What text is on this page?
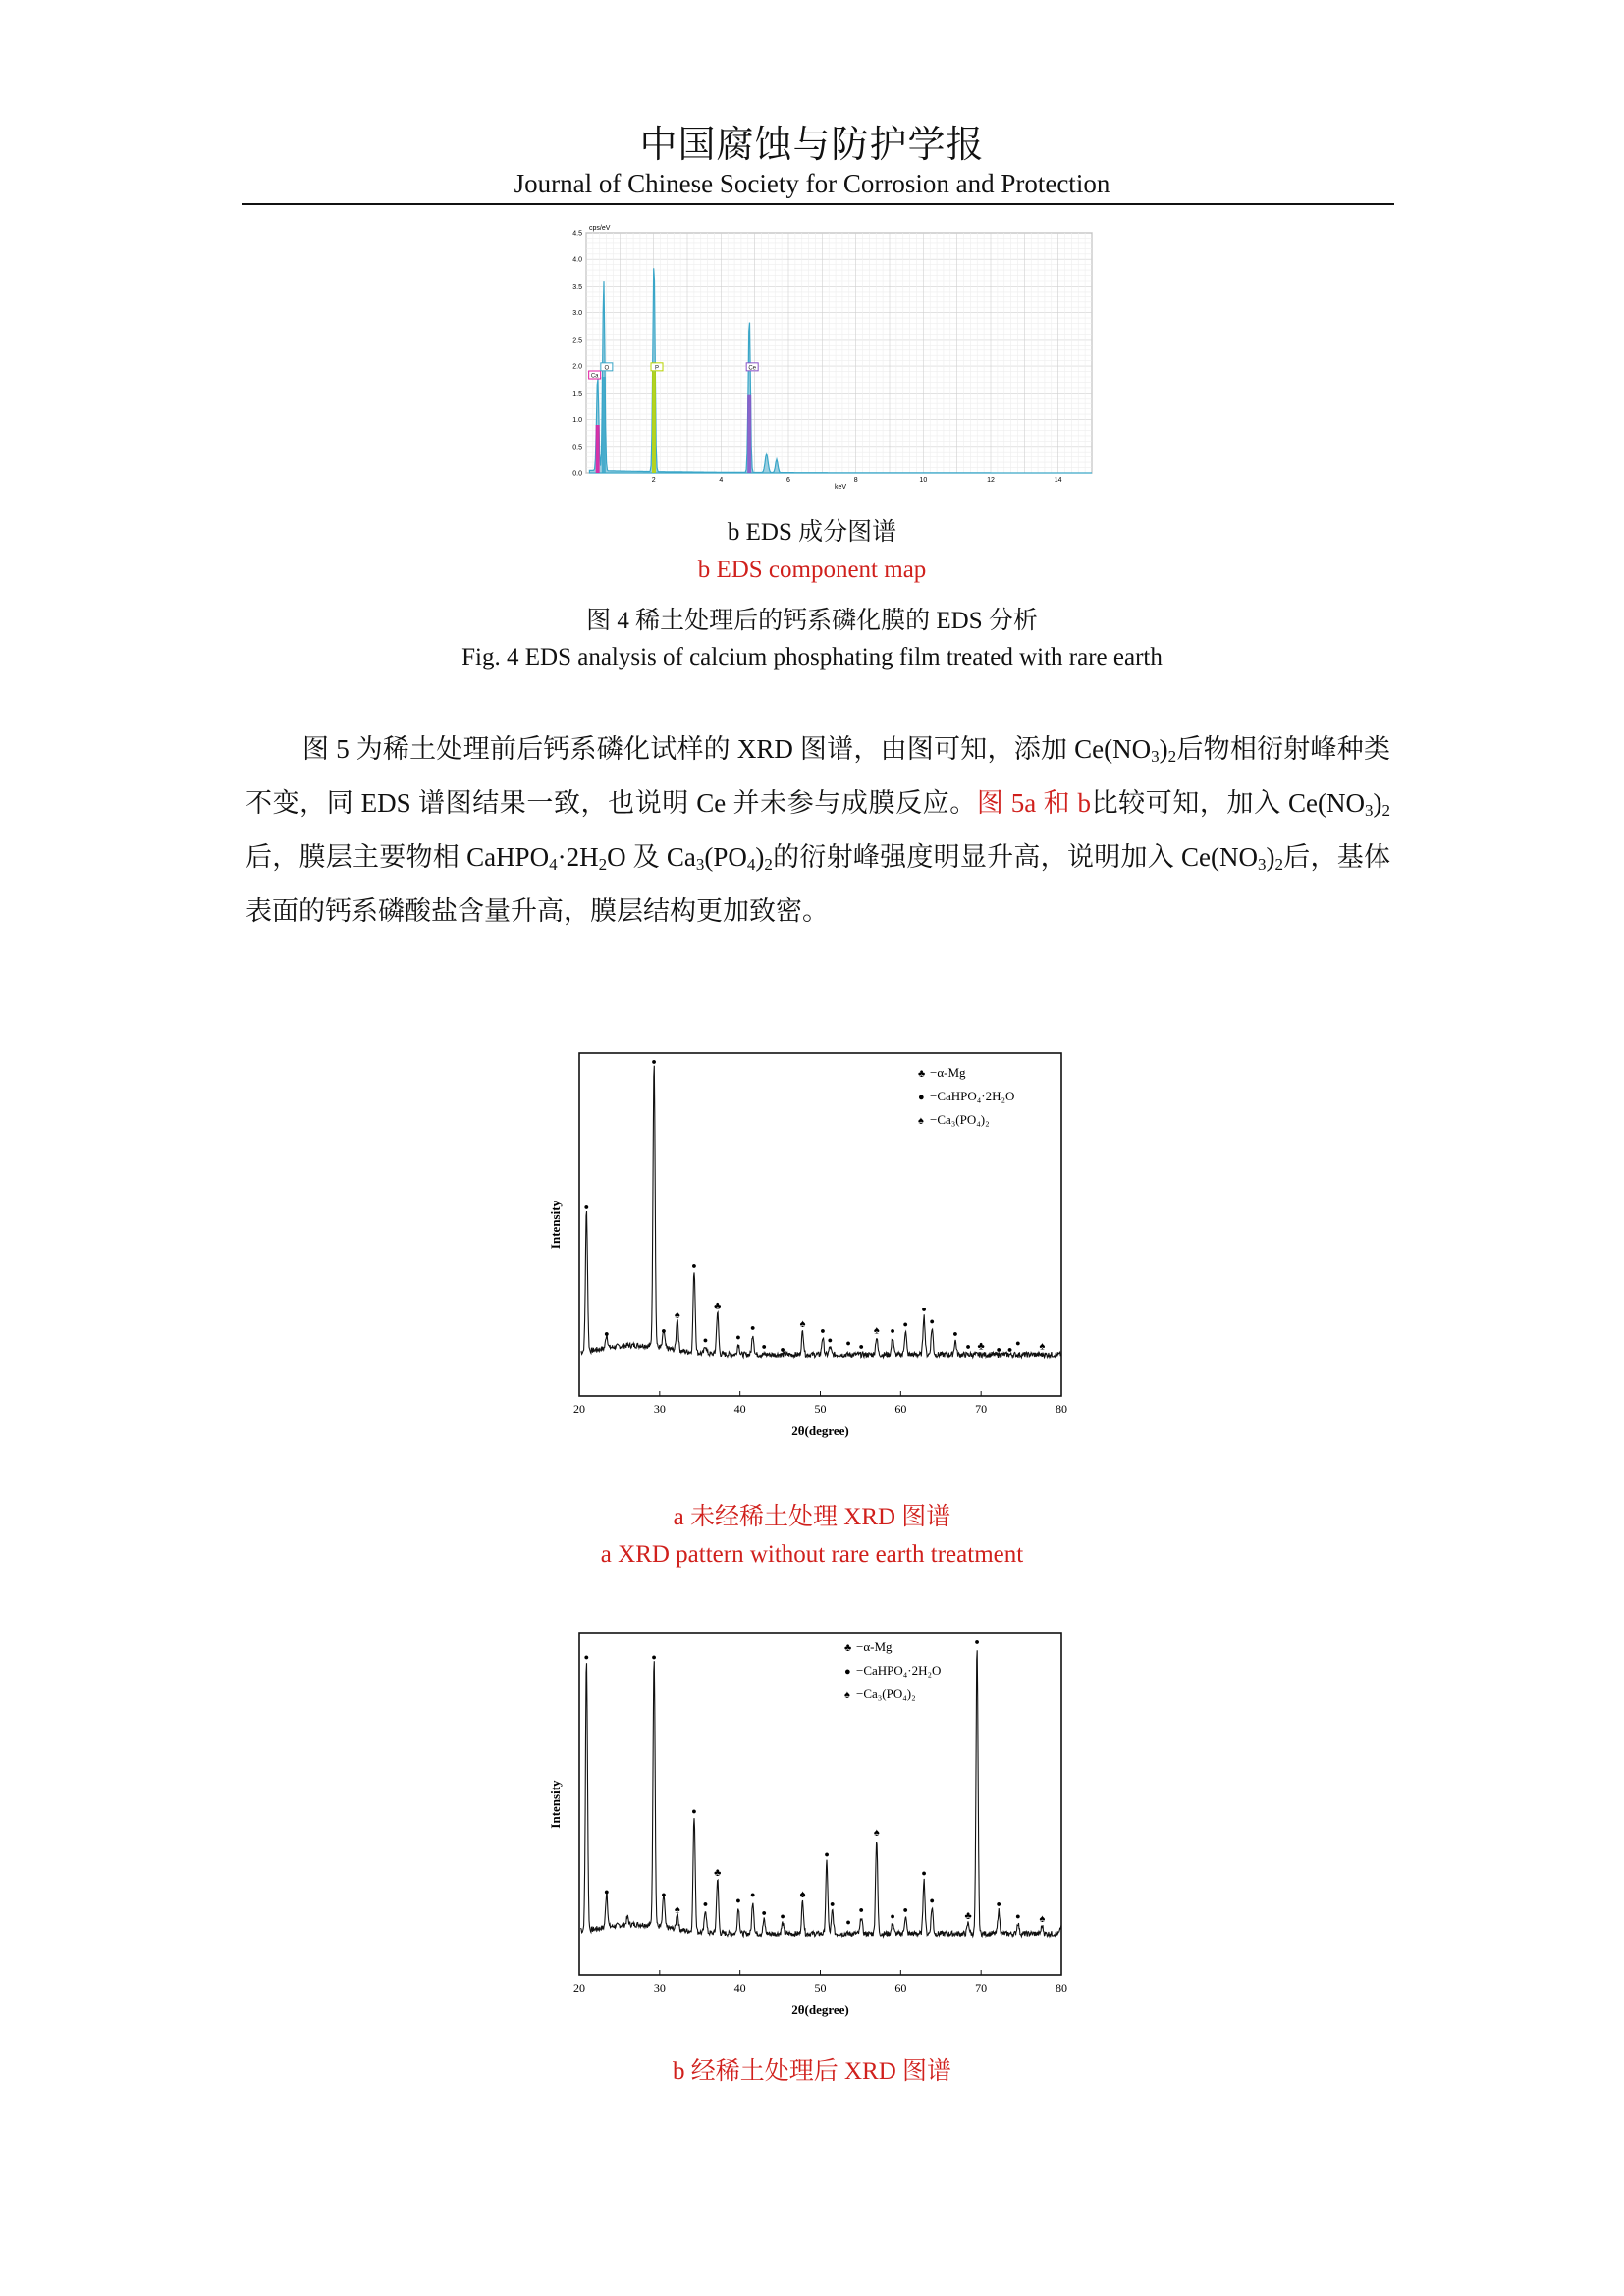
中国腐蚀与防护学报
Journal of Chinese Society for Corrosion and Protection
Ca
O	P	Ce
0.0
0.5
1.0
1.5
2.0
2.5
3.0
3.5
4.0
4.5
2	4	6	8	10	12	14
cps/eV
keV
b EDS 成分图谱
b EDS component map
图 4 稀土处理后的钙系磷化膜的 EDS 分析
Fig. 4 EDS analysis of calcium phosphating film treated with rare earth

图 5 为稀土处理前后钙系磷化试样的 XRD 图谱，由图可知，添加 $Ce(NO_3)_2$后物相衍射峰种类不变，同 EDS 谱图结果一致，也说明 Ce 并未参与成膜反应。图 5a 和 b比较可知，加入 $Ce(NO_3)_2$后，膜层主要物相 $CaHPO_4\cdot 2H_2O$ 及 $Ca_3(PO_4)_2$的衍射峰强度明显升高，说明加入 $Ce(NO_3)_2$后，基体表面的钙系磷酸盐含量升高，膜层结构更加致密。

20	30	40	50	60	70	80
2θ(degree)
Intensity ●
●
●
●
♠
●
●
♣
●
●
● ●
♠
●
● ● ●
♠ ●
●
●
●
●
● ♣ ● ●
● ♠
♣ −α-Mg
● −CaHPO₄·2H₂O
♠ −Ca₃(PO₄)₂
a 未经稀土处理 XRD 图谱
a XRD pattern without rare earth treatment
20	30	40	50	60	70	80
2θ(degree)
Intensity
●
●
●
●
♠
●
●
♣
●
●
● ●
♠
●
●
●
●
♠
●
●
●
●
♣
●
●
● ♠
♣ −α-Mg
● −CaHPO₄·2H₂O
♠ −Ca₃(PO₄)₂
b 经稀土处理后 XRD 图谱
